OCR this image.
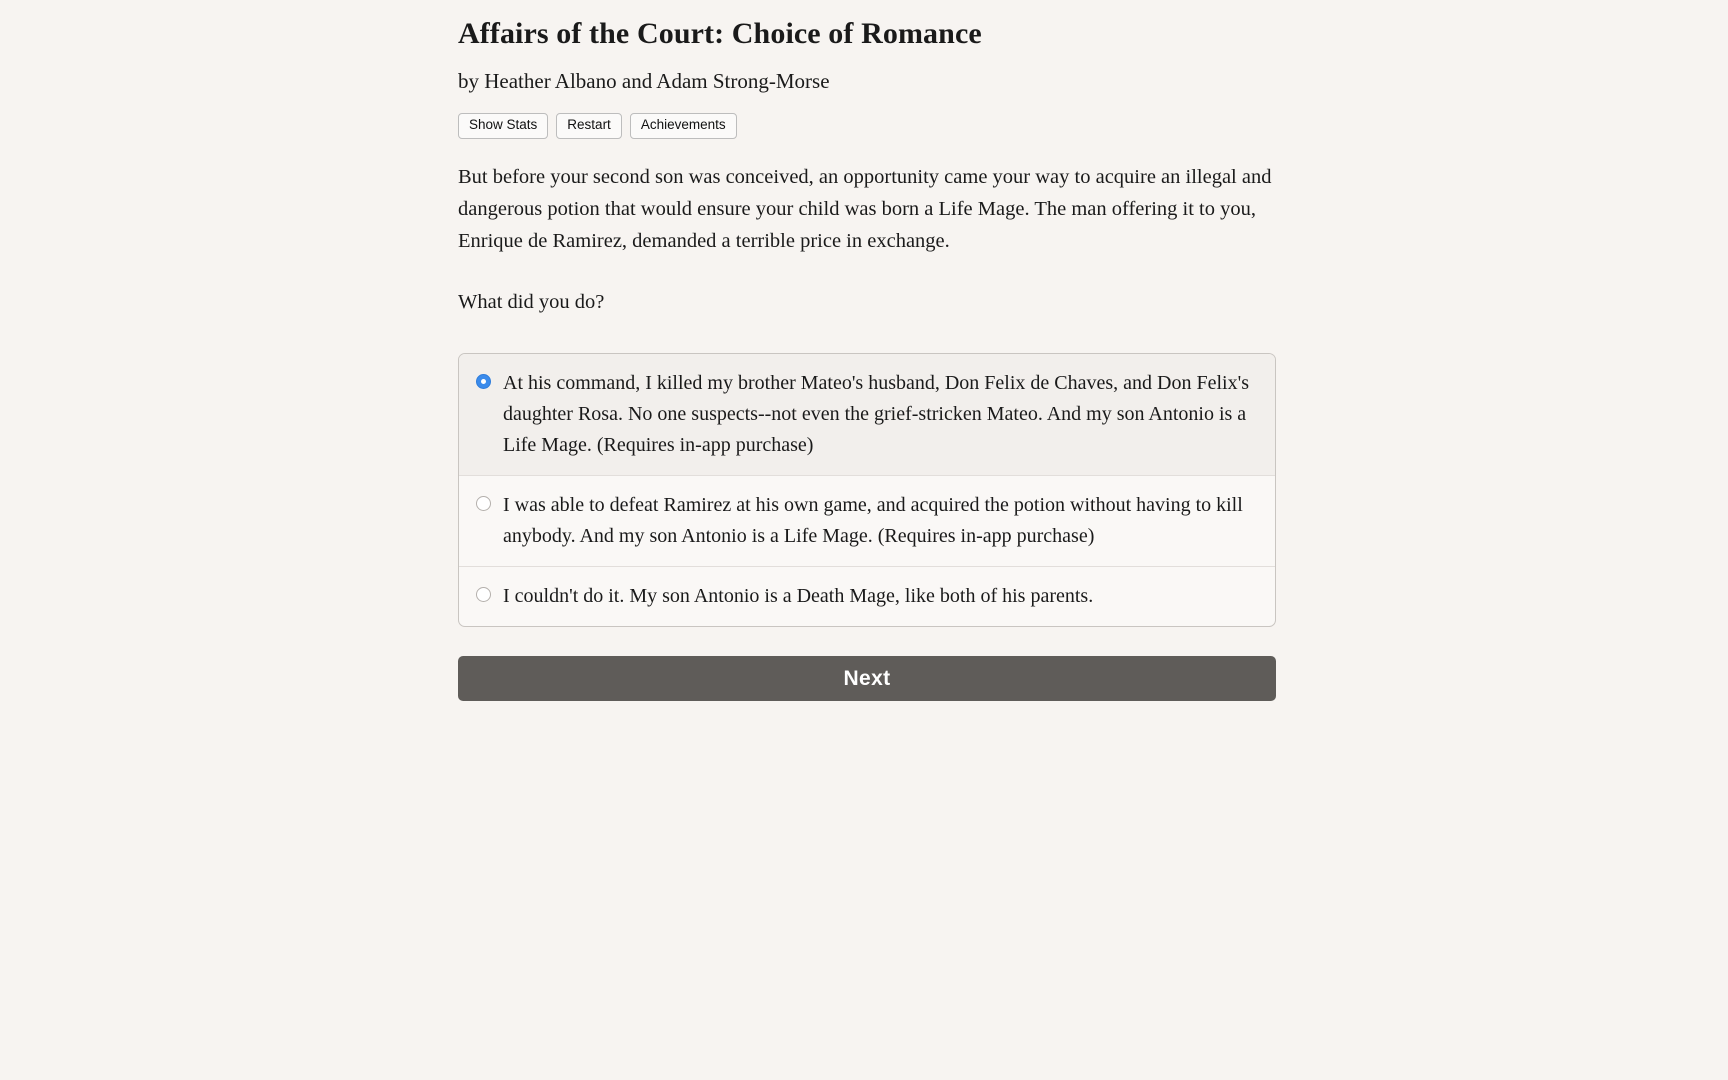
Affairs of the Court: Choice of Romance

by Heather Albano and Adam Strong-Morse

Show Stats	Restart	Achievements

But before your second son was conceived, an opportunity came your way to acquire an illegal and dangerous potion that would ensure your child was born a Life Mage. The man offering it to you, Enrique de Ramirez, demanded a terrible price in exchange.

What did you do?

At his command, I killed my brother Mateo's husband, Don Felix de Chaves, and Don Felix's daughter Rosa. No one suspects--not even the grief-stricken Mateo. And my son Antonio is a Life Mage. (Requires in-app purchase)
I was able to defeat Ramirez at his own game, and acquired the potion without having to kill anybody. And my son Antonio is a Life Mage. (Requires in-app purchase)
I couldn't do it. My son Antonio is a Death Mage, like both of his parents.
Next
